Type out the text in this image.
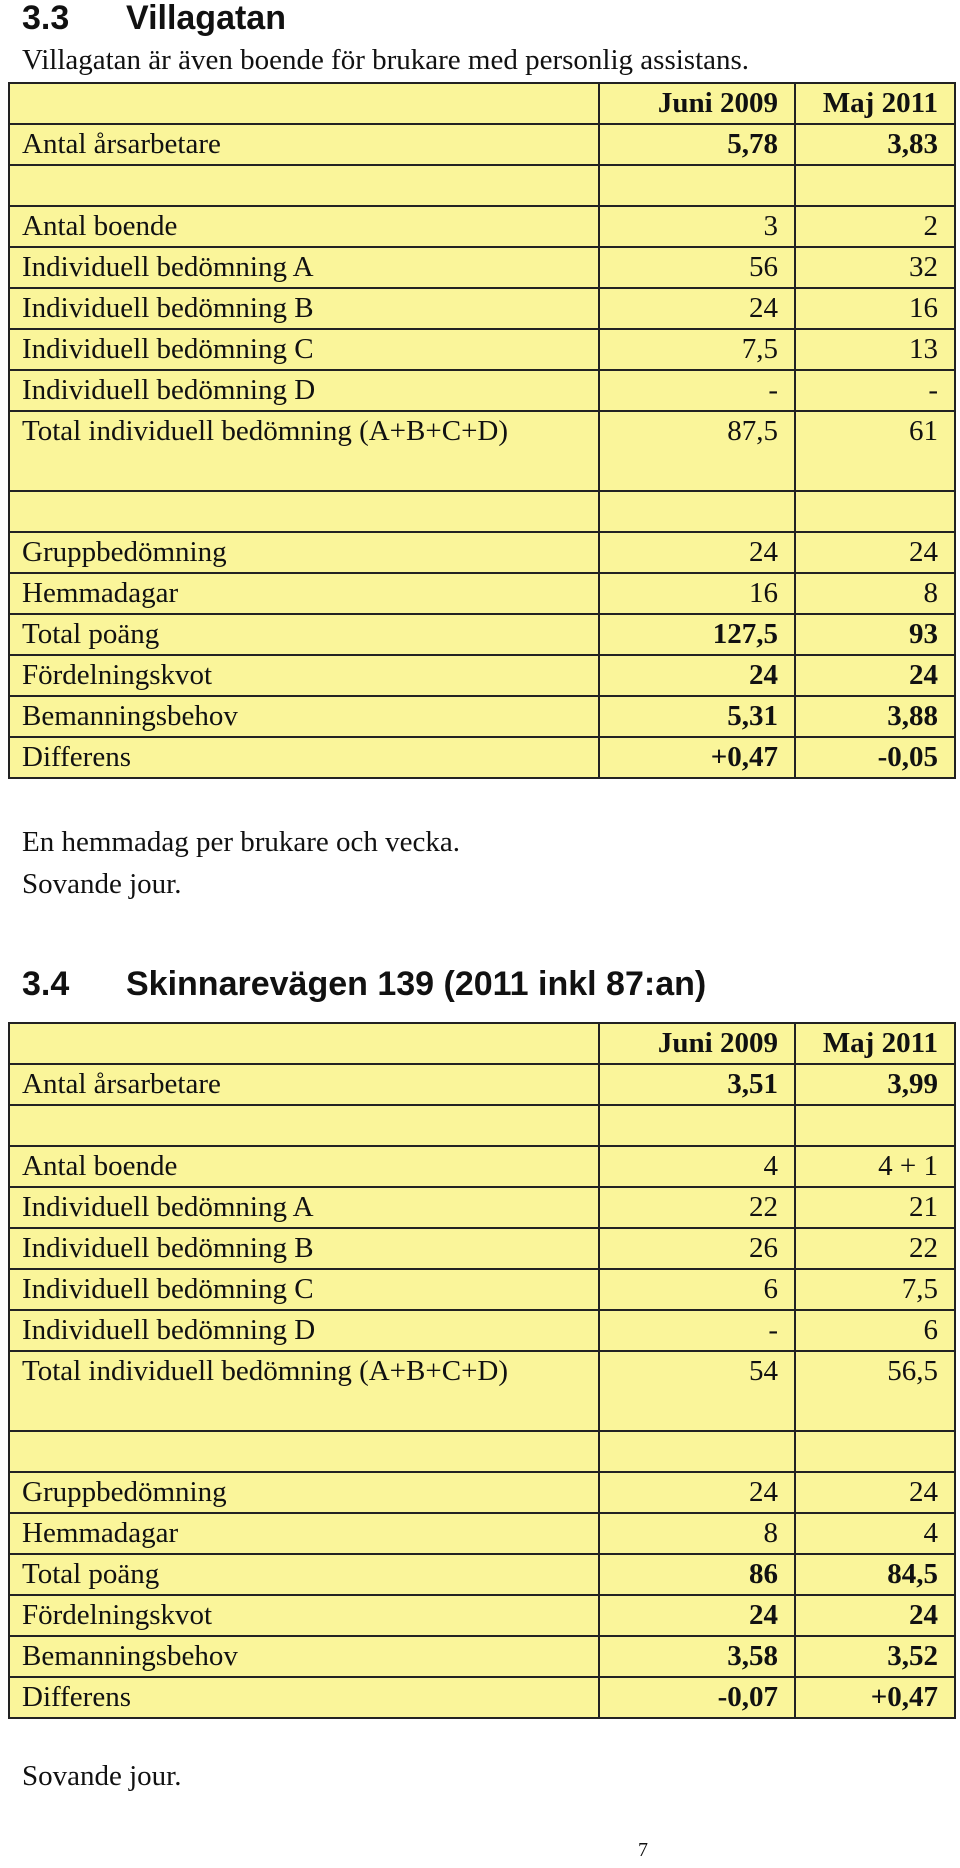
3.3 Villagatan

Villagatan är även boende för brukare med personlig assistans.

	Juni 2009	Maj 2011
Antal årsarbetare	5,78	3,83

Antal boende	3	2
Individuell bedömning A	56	32
Individuell bedömning B	24	16
Individuell bedömning C	7,5	13
Individuell bedömning D	-	-
Total individuell bedömning (A+B+C+D)	87,5	61

Gruppbedömning	24	24
Hemmadagar	16	8
Total poäng	127,5	93
Fördelningskvot	24	24
Bemanningsbehov	5,31	3,88
Differens	+0,47	-0,05

En hemmadag per brukare och vecka.

Sovande jour.

3.4 Skinnarevägen 139 (2011 inkl 87:an)
	Juni 2009	Maj 2011
Antal årsarbetare	3,51	3,99

Antal boende	4	4 + 1
Individuell bedömning A	22	21
Individuell bedömning B	26	22
Individuell bedömning C	6	7,5
Individuell bedömning D	-	6
Total individuell bedömning (A+B+C+D)	54	56,5

Gruppbedömning	24	24
Hemmadagar	8	4
Total poäng	86	84,5
Fördelningskvot	24	24
Bemanningsbehov	3,58	3,52
Differens	-0,07	+0,47

Sovande jour.

7
